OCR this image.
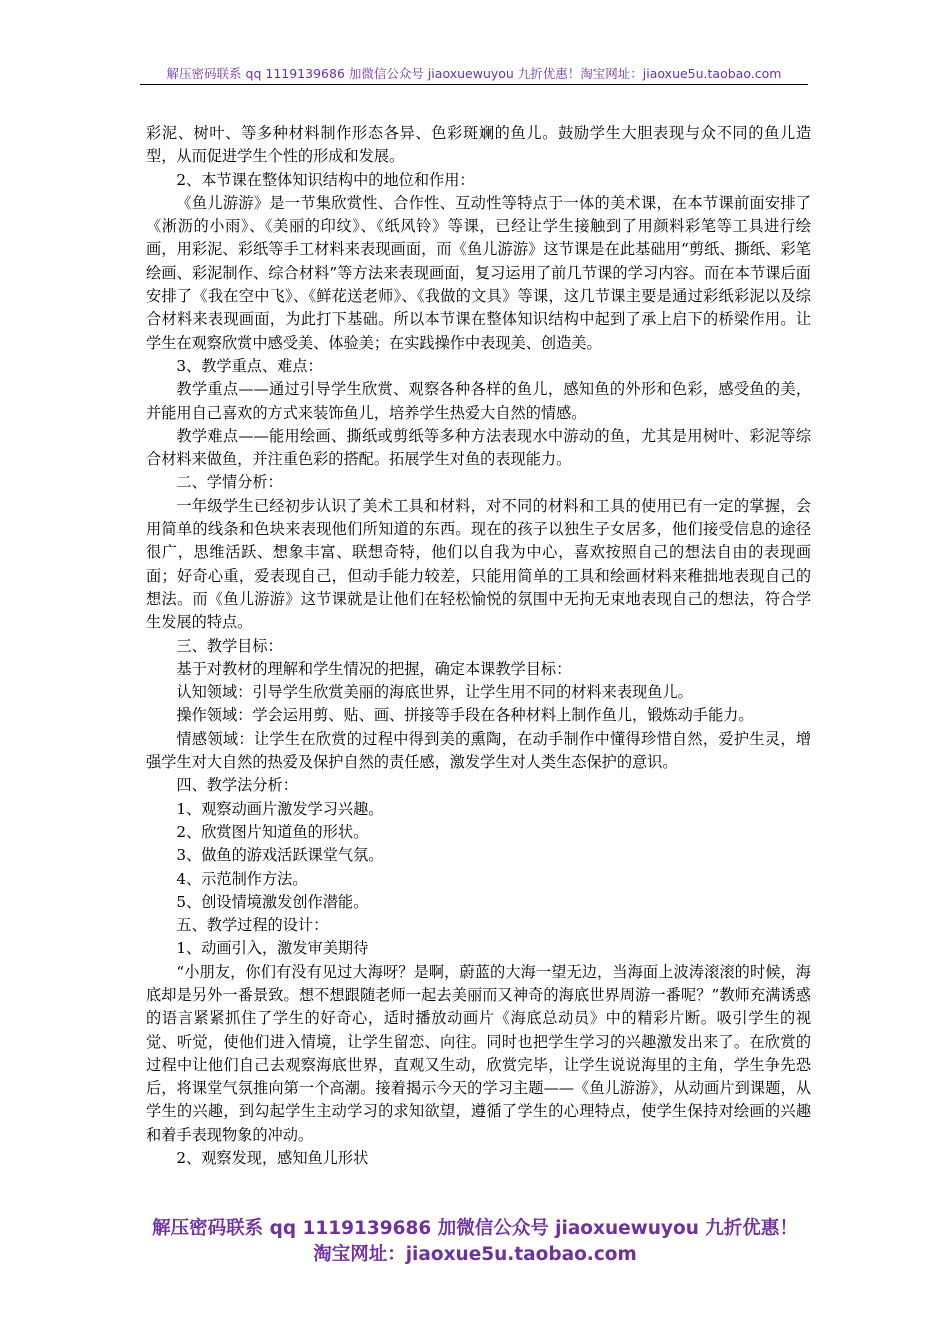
解压密码联系 qq 1119139686 加微信公众号 jiaoxuewuyou 九折优惠！淘宝网址：jiaoxue5u.taobao.com

彩泥、树叶、等多种材料制作形态各异、色彩斑斓的鱼儿。鼓励学生大胆表现与众不同的鱼儿造型，从而促进学生个性的形成和发展。

2、本节课在整体知识结构中的地位和作用：

《鱼儿游游》是一节集欣赏性、合作性、互动性等特点于一体的美术课，在本节课前面安排了《淅沥的小雨》、《美丽的印纹》、《纸风铃》等课，已经让学生接触到了用颜料彩笔等工具进行绘画，用彩泥、彩纸等手工材料来表现画面，而《鱼儿游游》这节课是在此基础用“剪纸、撕纸、彩笔绘画、彩泥制作、综合材料”等方法来表现画面，复习运用了前几节课的学习内容。而在本节课后面安排了《我在空中飞》、《鲜花送老师》、《我做的文具》等课，这几节课主要是通过彩纸彩泥以及综合材料来表现画面，为此打下基础。所以本节课在整体知识结构中起到了承上启下的桥梁作用。让学生在观察欣赏中感受美、体验美；在实践操作中表现美、创造美。

3、教学重点、难点：

教学重点——通过引导学生欣赏、观察各种各样的鱼儿，感知鱼的外形和色彩，感受鱼的美，并能用自己喜欢的方式来装饰鱼儿，培养学生热爱大自然的情感。

教学难点——能用绘画、撕纸或剪纸等多种方法表现水中游动的鱼，尤其是用树叶、彩泥等综合材料来做鱼，并注重色彩的搭配。拓展学生对鱼的表现能力。

二、学情分析：

一年级学生已经初步认识了美术工具和材料，对不同的材料和工具的使用已有一定的掌握，会用简单的线条和色块来表现他们所知道的东西。现在的孩子以独生子女居多，他们接受信息的途径很广，思维活跃、想象丰富、联想奇特，他们以自我为中心，喜欢按照自己的想法自由的表现画面；好奇心重，爱表现自己，但动手能力较差，只能用简单的工具和绘画材料来稚拙地表现自己的想法。而《鱼儿游游》这节课就是让他们在轻松愉悦的氛围中无拘无束地表现自己的想法，符合学生发展的特点。

三、教学目标：

基于对教材的理解和学生情况的把握，确定本课教学目标：

认知领域：引导学生欣赏美丽的海底世界，让学生用不同的材料来表现鱼儿。

操作领域：学会运用剪、贴、画、拼接等手段在各种材料上制作鱼儿，锻炼动手能力。

情感领域：让学生在欣赏的过程中得到美的熏陶，在动手制作中懂得珍惜自然，爱护生灵，增强学生对大自然的热爱及保护自然的责任感，激发学生对人类生态保护的意识。

四、教学法分析：

1、观察动画片激发学习兴趣。

2、欣赏图片知道鱼的形状。

3、做鱼的游戏活跃课堂气氛。

4、示范制作方法。

5、创设情境激发创作潜能。

五、教学过程的设计：

1、动画引入，激发审美期待

“小朋友，你们有没有见过大海呀？是啊，蔚蓝的大海一望无边，当海面上波涛滚滚的时候，海底却是另外一番景致。想不想跟随老师一起去美丽而又神奇的海底世界周游一番呢？”教师充满诱惑的语言紧紧抓住了学生的好奇心，适时播放动画片《海底总动员》中的精彩片断。吸引学生的视觉、听觉，使他们进入情境，让学生留恋、向往。同时也把学生学习的兴趣激发出来了。在欣赏的过程中让他们自己去观察海底世界，直观又生动，欣赏完毕，让学生说说海里的主角，学生争先恐后，将课堂气氛推向第一个高潮。接着揭示今天的学习主题——《鱼儿游游》，从动画片到课题，从学生的兴趣，到勾起学生主动学习的求知欲望，遵循了学生的心理特点，使学生保持对绘画的兴趣和着手表现物象的冲动。

2、观察发现，感知鱼儿形状

解压密码联系 qq 1119139686 加微信公众号 jiaoxuewuyou 九折优惠！
淘宝网址：jiaoxue5u.taobao.com
